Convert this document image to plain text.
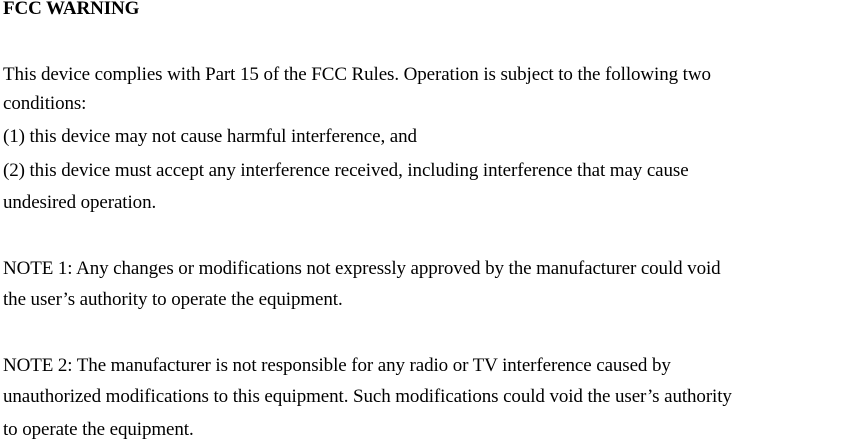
FCC WARNING
This device complies with Part 15 of the FCC Rules. Operation is subject to the following two
conditions:
(1) this device may not cause harmful interference, and
(2) this device must accept any interference received, including interference that may cause
undesired operation.
NOTE 1: Any changes or modifications not expressly approved by the manufacturer could void
the user’s authority to operate the equipment.
NOTE 2: The manufacturer is not responsible for any radio or TV interference caused by
unauthorized modifications to this equipment. Such modifications could void the user’s authority
to operate the equipment.
